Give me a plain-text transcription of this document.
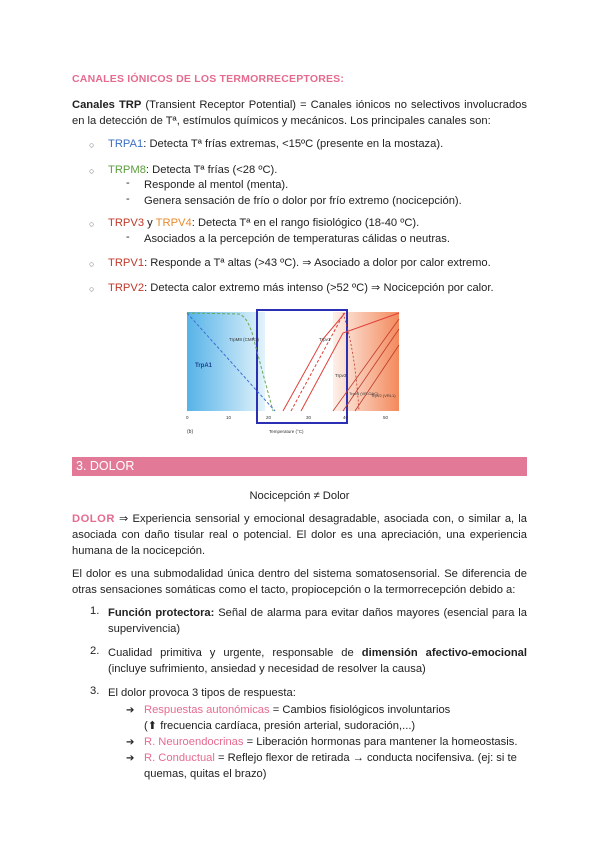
CANALES IÓNICOS DE LOS TERMORRECEPTORES:

Canales TRP (Transient Receptor Potential) = Canales iónicos no selectivos involucrados en la detección de Tª, estímulos químicos y mecánicos. Los principales canales son:

○ TRPA1: Detecta Tª frías extremas, <15ºC (presente en la mostaza).
○ TRPM8: Detecta Tª frías (<28 ºC).
- Responde al mentol (menta).
- Genera sensación de frío o dolor por frío extremo (nocicepción).
○ TRPV3 y TRPV4: Detecta Tª en el rango fisiológico (18-40 ºC).
- Asociados a la percepción de temperaturas cálidas o neutras.
○ TRPV1: Responde a Tª altas (>43 ºC). ⇒ Asociado a dolor por calor extremo.
○ TRPV2: Detecta calor extremo más intenso (>52 ºC) ⇒ Nocicepción por calor.
TrpA1
TrpM8 (CMR1)	Trpv1
Trpv3
Trpv4 (VR-OAC)
TrpV2 (VRL1)
0	10	20	30	40	50
(b)	Temperature (°C)
3. DOLOR
Nocicepción ≠ Dolor

DOLOR ⇒ Experiencia sensorial y emocional desagradable, asociada con, o similar a, la asociada con daño tisular real o potencial. El dolor es una apreciación, una experiencia humana de la nocicepción.

El dolor es una submodalidad única dentro del sistema somatosensorial. Se diferencia de otras sensaciones somáticas como el tacto, propiocepción o la termorrecepción debido a:

1. Función protectora: Señal de alarma para evitar daños mayores (esencial para la supervivencia)

2. Cualidad primitiva y urgente, responsable de dimensión afectivo-emocional (incluye sufrimiento, ansiedad y necesidad de resolver la causa)

3. El dolor provoca 3 tipos de respuesta:

➔ Respuestas autonómicas = Cambios fisiológicos involuntarios
(⬆ frecuencia cardíaca, presión arterial, sudoración,...)
➔ R. Neuroendocrinas = Liberación hormonas para mantener la homeostasis.
➔ R. Conductual = Reflejo flexor de retirada → conducta nocifensiva. (ej: si te
quemas, quitas el brazo)
